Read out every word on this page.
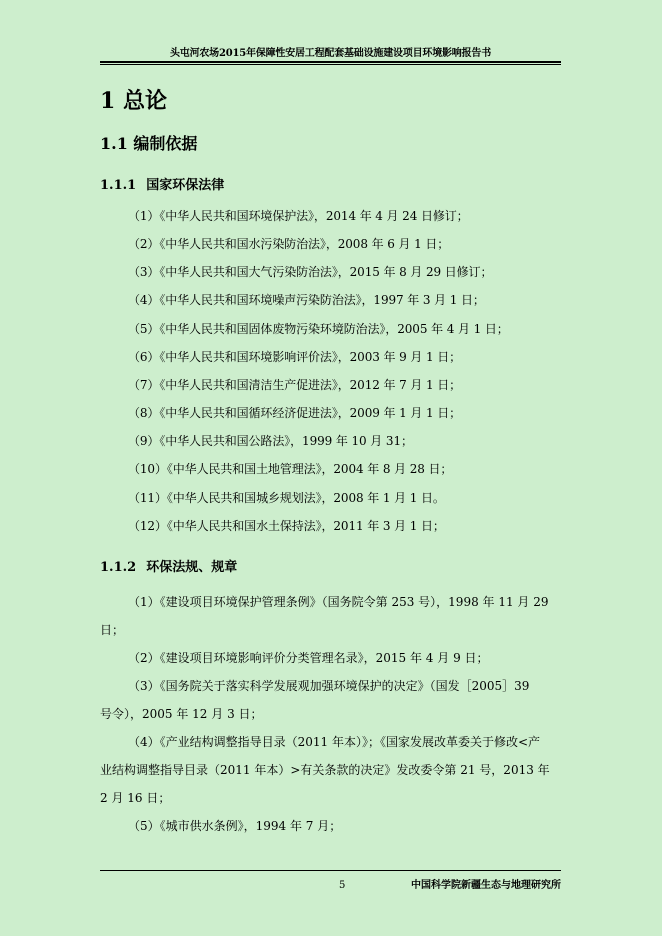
头屯河农场2015年保障性安居工程配套基础设施建设项目环境影响报告书
1 总论
1.1 编制依据
1.1.1 国家环保法律
（1）《中华人民共和国环境保护法》，2014 年 4 月 24 日修订；
（2）《中华人民共和国水污染防治法》，2008 年 6 月 1 日；
（3）《中华人民共和国大气污染防治法》，2015 年 8 月 29 日修订；
（4）《中华人民共和国环境噪声污染防治法》，1997 年 3 月 1 日；
（5）《中华人民共和国固体废物污染环境防治法》，2005 年 4 月 1 日；
（6）《中华人民共和国环境影响评价法》，2003 年 9 月 1 日；
（7）《中华人民共和国清洁生产促进法》，2012 年 7 月 1 日；
（8）《中华人民共和国循环经济促进法》，2009 年 1 月 1 日；
（9）《中华人民共和国公路法》，1999 年 10 月 31；
（10）《中华人民共和国土地管理法》，2004 年 8 月 28 日；
（11）《中华人民共和国城乡规划法》，2008 年 1 月 1 日。
（12）《中华人民共和国水土保持法》，2011 年 3 月 1 日；
1.1.2 环保法规、规章
（1）《建设项目环境保护管理条例》（国务院令第 253 号），1998 年 11 月 29
日；
（2）《建设项目环境影响评价分类管理名录》，2015 年 4 月 9 日；
（3）《国务院关于落实科学发展观加强环境保护的决定》（国发［2005］39
号令），2005 年 12 月 3 日；
（4）《产业结构调整指导目录（2011 年本）》；《国家发展改革委关于修改<产
业结构调整指导目录（2011 年本）>有关条款的决定》发改委令第 21 号，2013 年
2 月 16 日；
（5）《城市供水条例》，1994 年 7 月；
5	中国科学院新疆生态与地理研究所
